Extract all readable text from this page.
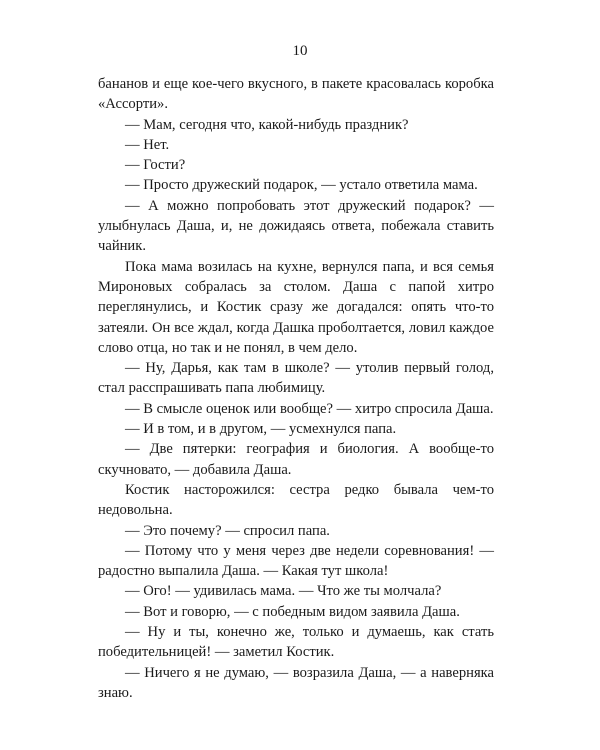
10

бананов и еще кое-чего вкусного, в пакете красовалась коробка «Ассорти».

— Мам, сегодня что, какой-нибудь праздник?

— Нет.

— Гости?

— Просто дружеский подарок, — устало ответила мама.

— А можно попробовать этот дружеский подарок? — улыбнулась Даша, и, не дожидаясь ответа, побежала ставить чайник.

Пока мама возилась на кухне, вернулся папа, и вся семья Мироновых собралась за столом. Даша с папой хитро переглянулись, и Костик сразу же догадался: опять что-то затеяли. Он все ждал, когда Дашка проболтается, ловил каждое слово отца, но так и не понял, в чем дело.

— Ну, Дарья, как там в школе? — утолив первый голод, стал расспрашивать папа любимицу.

— В смысле оценок или вообще? — хитро спросила Даша.

— И в том, и в другом, — усмехнулся папа.

— Две пятерки: география и биология. А вообще-то скучновато, — добавила Даша.

Костик насторожился: сестра редко бывала чем-то недовольна.

— Это почему? — спросил папа.

— Потому что у меня через две недели соревнования! — радостно выпалила Даша. — Какая тут школа!

— Ого! — удивилась мама. — Что же ты молчала?

— Вот и говорю, — с победным видом заявила Даша.

— Ну и ты, конечно же, только и думаешь, как стать победительницей! — заметил Костик.

— Ничего я не думаю, — возразила Даша, — а наверняка знаю.
